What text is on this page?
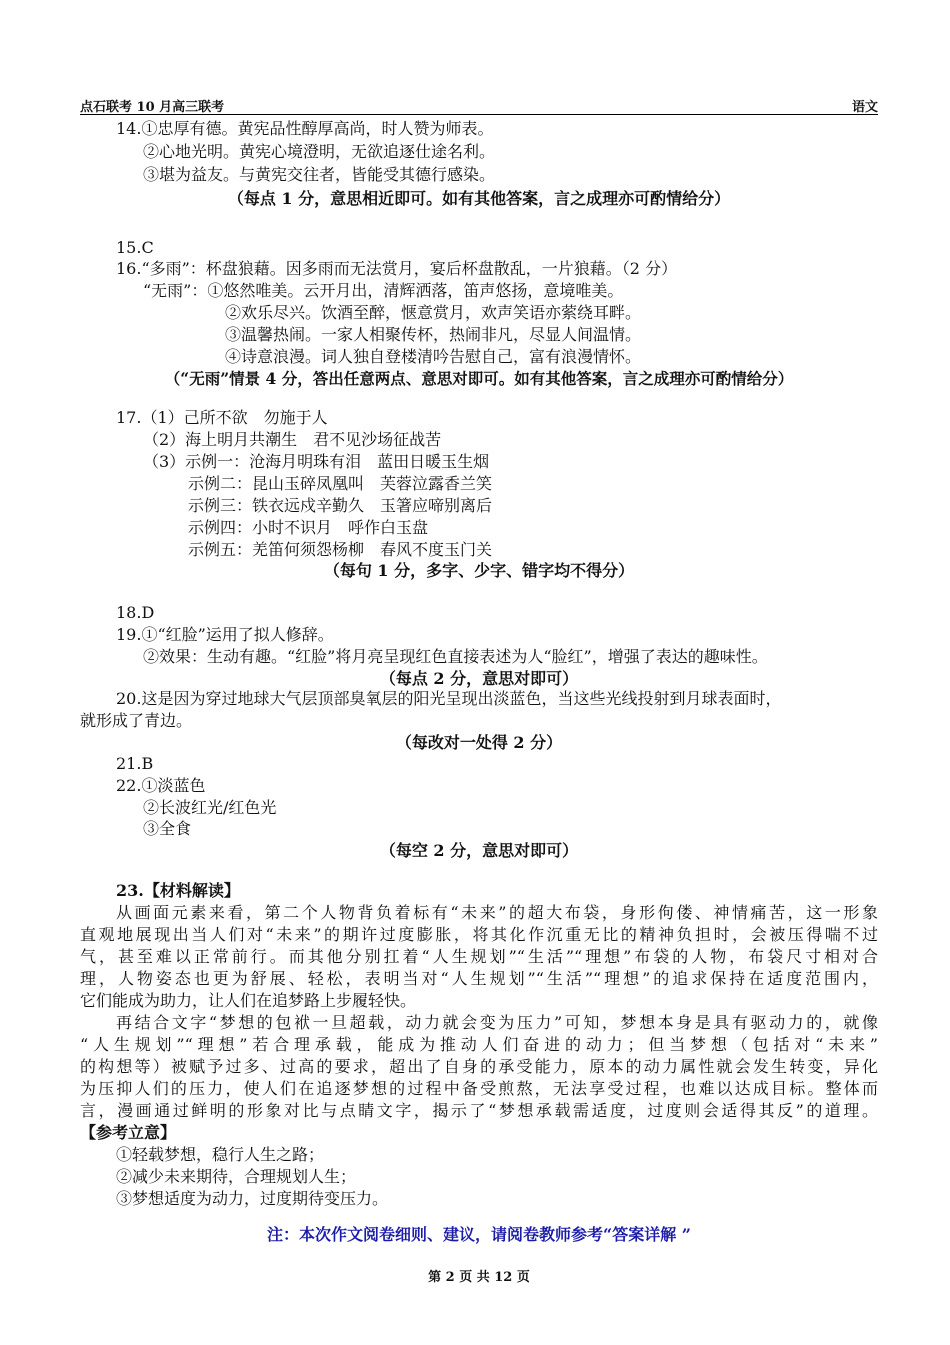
点石联考 10 月高三联考	语文
14.①忠厚有德。黄宪品性醇厚高尚，时人赞为师表。
②心地光明。黄宪心境澄明，无欲追逐仕途名利。
③堪为益友。与黄宪交往者，皆能受其德行感染。
（每点 1 分，意思相近即可。如有其他答案，言之成理亦可酌情给分）
15.C
16.“多雨”：杯盘狼藉。因多雨而无法赏月，宴后杯盘散乱，一片狼藉。（2 分）
“无雨”：①悠然唯美。云开月出，清辉洒落，笛声悠扬，意境唯美。
②欢乐尽兴。饮酒至醉，惬意赏月，欢声笑语亦萦绕耳畔。
③温馨热闹。一家人相聚传杯，热闹非凡，尽显人间温情。
④诗意浪漫。词人独自登楼清吟告慰自己，富有浪漫情怀。
（“无雨”情景 4 分，答出任意两点、意思对即可。如有其他答案，言之成理亦可酌情给分）
17.（1）己所不欲　勿施于人
（2）海上明月共潮生　君不见沙场征战苦
（3）示例一：沧海月明珠有泪　蓝田日暖玉生烟
示例二：昆山玉碎凤凰叫　芙蓉泣露香兰笑
示例三：铁衣远戍辛勤久　玉箸应啼别离后
示例四：小时不识月　呼作白玉盘
示例五：羌笛何须怨杨柳　春风不度玉门关
（每句 1 分，多字、少字、错字均不得分）
18.D
19.①“红脸”运用了拟人修辞。
②效果：生动有趣。“红脸”将月亮呈现红色直接表述为人“脸红”，增强了表达的趣味性。
（每点 2 分，意思对即可）
20.这是因为穿过地球大气层顶部臭氧层的阳光呈现出淡蓝色，当这些光线投射到月球表面时，
就形成了青边。
（每改对一处得 2 分）
21.B
22.①淡蓝色
②长波红光/红色光
③全食
（每空 2 分，意思对即可）
23.【材料解读】
从画面元素来看，第二个人物背负着标有“未来”的超大布袋，身形佝偻、神情痛苦，这一形象
直观地展现出当人们对“未来”的期许过度膨胀，将其化作沉重无比的精神负担时，会被压得喘不过
气，甚至难以正常前行。而其他分别扛着“人生规划”“生活”“理想”布袋的人物，布袋尺寸相对合
理，人物姿态也更为舒展、轻松，表明当对“人生规划”“生活”“理想”的追求保持在适度范围内，
它们能成为助力，让人们在追梦路上步履轻快。
再结合文字“梦想的包袱一旦超载，动力就会变为压力”可知，梦想本身是具有驱动力的，就像
“人生规划”“理想”若合理承载，能成为推动人们奋进的动力；但当梦想（包括对“未来”
的构想等）被赋予过多、过高的要求，超出了自身的承受能力，原本的动力属性就会发生转变，异化
为压抑人们的压力，使人们在追逐梦想的过程中备受煎熬，无法享受过程，也难以达成目标。整体而
言，漫画通过鲜明的形象对比与点睛文字，揭示了“梦想承载需适度，过度则会适得其反”的道理。
【参考立意】
①轻载梦想，稳行人生之路；
②减少未来期待，合理规划人生；
③梦想适度为动力，过度期待变压力。
注：本次作文阅卷细则、建议，请阅卷教师参考“答案详解 ”
第 2 页 共 12 页
